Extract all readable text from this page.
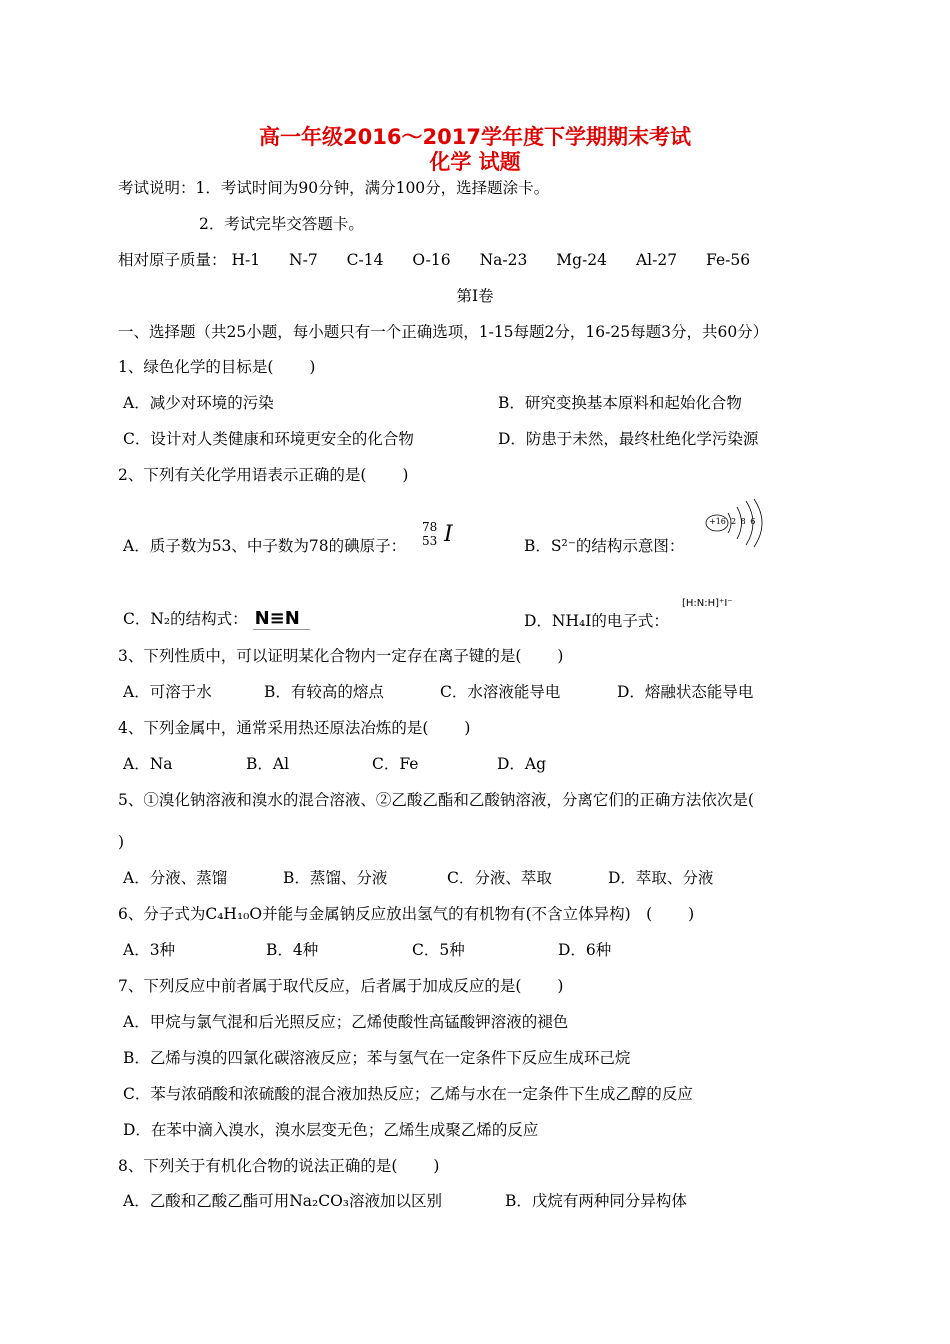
高一年级2016～2017学年度下学期期末考试
化学 试题
考试说明：1．考试时间为90分钟，满分100分，选择题涂卡。
2．考试完毕交答题卡。
相对原子质量： H-1 N-7 C-14 O-16 Na-23 Mg-24 Al-27 Fe-56
第Ⅰ卷
一、选择题（共25小题，每小题只有一个正确选项，1-15每题2分，16-25每题3分，共60分）
1、绿色化学的目标是(　　 )
A．减少对环境的污染	B．研究变换基本原料和起始化合物
C．设计对人类健康和环境更安全的化合物	D．防患于未然，最终杜绝化学污染源
2、下列有关化学用语表示正确的是(　　 )
A．质子数为53、中子数为78的碘原子：
78
53 I	B．S²⁻的结构示意图：
+16 2 8 6
C．N₂的结构式： N≡N	D．NH₄I的电子式：
[H:N:H]⁺I⁻
3、下列性质中，可以证明某化合物内一定存在离子键的是(　　 )
A．可溶于水	B．有较高的熔点	C．水溶液能导电	D．熔融状态能导电
4、下列金属中，通常采用热还原法冶炼的是(　　 )
A．Na	B．Al	C．Fe	D．Ag
5、①溴化钠溶液和溴水的混合溶液、②乙酸乙酯和乙酸钠溶液，分离它们的正确方法依次是(
)
A．分液、蒸馏	B．蒸馏、分液	C．分液、萃取	D．萃取、分液
6、分子式为C₄H₁₀O并能与金属钠反应放出氢气的有机物有(不含立体异构)　(　　 )
A．3种	B．4种	C．5种	D．6种
7、下列反应中前者属于取代反应，后者属于加成反应的是(　　 )
A．甲烷与氯气混和后光照反应；乙烯使酸性高锰酸钾溶液的褪色
B．乙烯与溴的四氯化碳溶液反应；苯与氢气在一定条件下反应生成环己烷
C．苯与浓硝酸和浓硫酸的混合液加热反应；乙烯与水在一定条件下生成乙醇的反应
D．在苯中滴入溴水，溴水层变无色；乙烯生成聚乙烯的反应
8、下列关于有机化合物的说法正确的是(　　 )
A．乙酸和乙酸乙酯可用Na₂CO₃溶液加以区别	B．戊烷有两种同分异构体
